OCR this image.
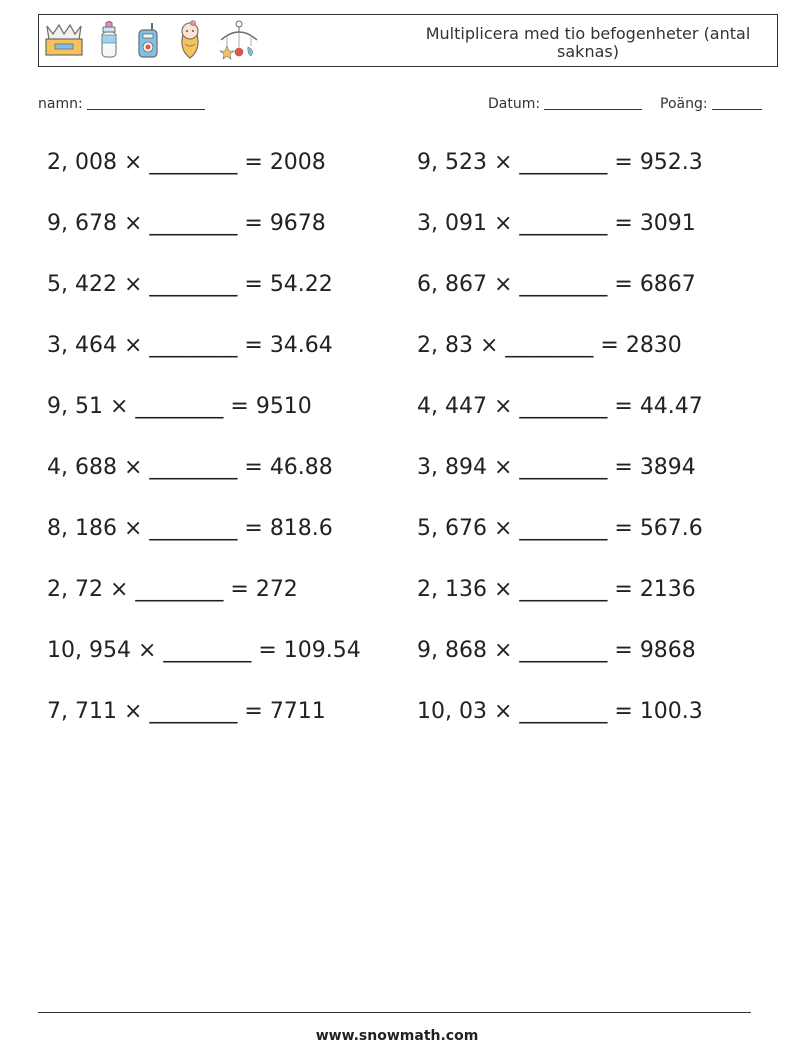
Multiplicera med tio befogenheter (antal saknas)
namn:	Datum:	Poäng:
2, 008 × ________ = 2008
9, 678 × ________ = 9678
5, 422 × ________ = 54.22
3, 464 × ________ = 34.64
9, 51 × ________ = 9510
4, 688 × ________ = 46.88
8, 186 × ________ = 818.6
2, 72 × ________ = 272
10, 954 × ________ = 109.54
7, 711 × ________ = 7711
9, 523 × ________ = 952.3
3, 091 × ________ = 3091
6, 867 × ________ = 6867
2, 83 × ________ = 2830
4, 447 × ________ = 44.47
3, 894 × ________ = 3894
5, 676 × ________ = 567.6
2, 136 × ________ = 2136
9, 868 × ________ = 9868
10, 03 × ________ = 100.3
www.snowmath.com
